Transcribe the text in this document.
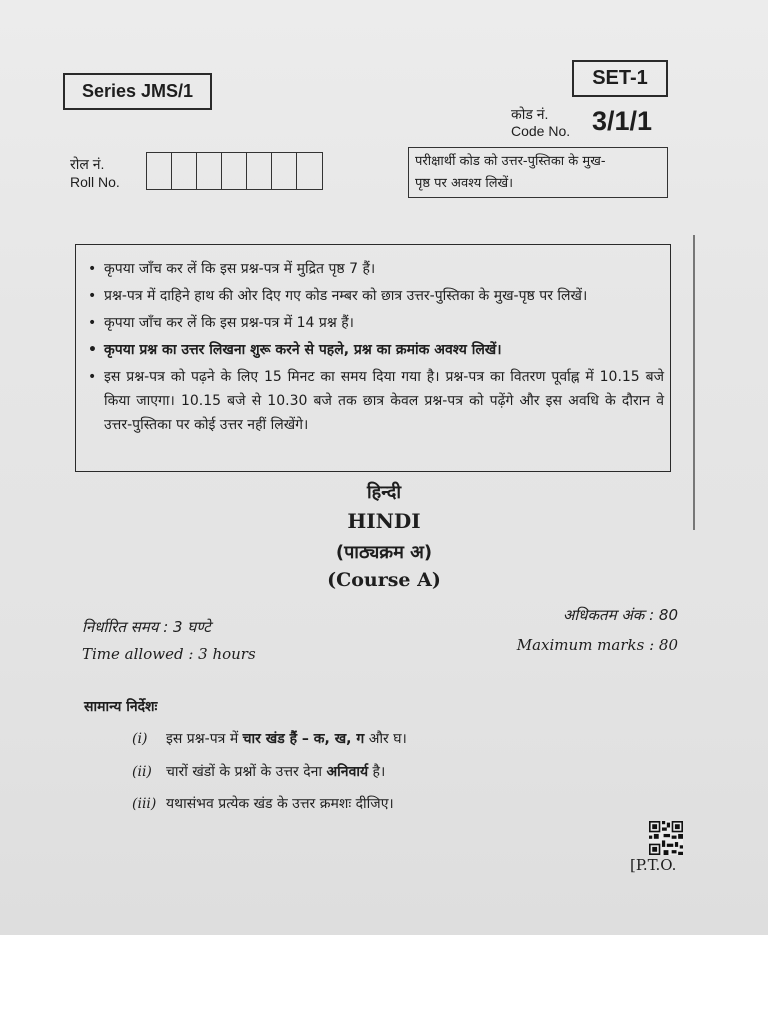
Series JMS/1
SET-1
कोड नं.
Code No. 3/1/1
रोल नं.
Roll No.
परीक्षार्थी कोड को उत्तर-पुस्तिका के मुख-
पृष्ठ पर अवश्य लिखें।
• कृपया जाँच कर लें कि इस प्रश्न-पत्र में मुद्रित पृष्ठ 7 हैं।
• प्रश्न-पत्र में दाहिने हाथ की ओर दिए गए कोड नम्बर को छात्र उत्तर-पुस्तिका के मुख-पृष्ठ पर लिखें।
• कृपया जाँच कर लें कि इस प्रश्न-पत्र में 14 प्रश्न हैं।
• कृपया प्रश्न का उत्तर लिखना शुरू करने से पहले, प्रश्न का क्रमांक अवश्य लिखें।
• इस प्रश्न-पत्र को पढ़ने के लिए 15 मिनट का समय दिया गया है। प्रश्न-पत्र का वितरण पूर्वाह्न में 10.15 बजे किया जाएगा। 10.15 बजे से 10.30 बजे तक छात्र केवल प्रश्न-पत्र को पढ़ेंगे और इस अवधि के दौरान वे उत्तर-पुस्तिका पर कोई उत्तर नहीं लिखेंगे।
हिन्दी
HINDI
(पाठ्यक्रम अ)
(Course A)
निर्धारित समय : 3 घण्टे
Time allowed : 3 hours
अधिकतम अंक : 80
Maximum marks : 80
सामान्य निर्देशः
(i) इस प्रश्न-पत्र में चार खंड हैं – क, ख, ग और घ।
(ii) चारों खंडों के प्रश्नों के उत्तर देना अनिवार्य है।
(iii) यथासंभव प्रत्येक खंड के उत्तर क्रमशः दीजिए।
[P.T.O.
